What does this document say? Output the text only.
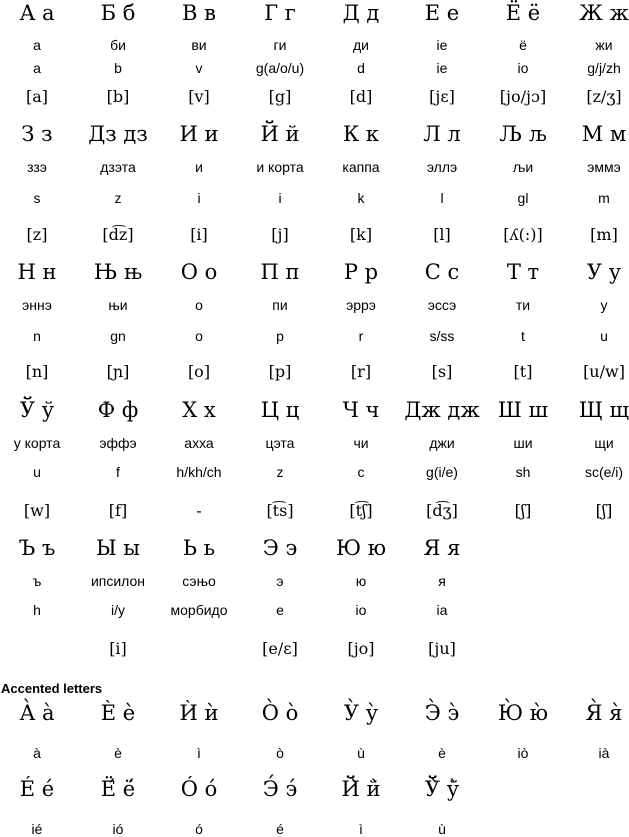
А а
а
a
[a]
Б б
би
b
[b]
В в
ви
v
[v]
Г г
ги
g(a/o/u)
[g]
Д д
ди
d
[d]
Е е
ie
ie
[jɛ]
Ё ё
ё
io
[jo/jɔ]
Ж ж
жи
g/j/zh
[z/ʒ]
З з
ззэ
s
[z]
Дз дз
дзэта
z
[d͡z]
И и
и
i
[i]
Й й
и корта
i
[j]
К к
каппа
k
[k]
Л л
эллэ
l
[l]
Љ љ
љи
gl
[ʎ(:)]
М м
эммэ
m
[m]
Н н
эннэ
n
[n]
Њ њ
њи
gn
[ɲ]
О о
о
o
[o]
П п
пи
p
[p]
Р р
эррэ
r
[r]
С с
эссэ
s/ss
[s]
Т т
ти
t
[t]
У у
у
u
[u/w]
Ў ў
у корта
u
[w]
Ф ф
эффэ
f
[f]
Х х
ахха
h/kh/ch
-
Ц ц
цэта
z
[t͡s]
Ч ч
чи
c
[t͡ʃ]
Дж дж
джи
g(i/e)
[d͡ʒ]
Ш ш
ши
sh
[ʃ]
Щ щ
щи
sc(e/i)
[ʃ]
Ъ ъ
ъ
h
Ы ы
ипсилон
i/y
[i]
Ь ь
сэњо
морбидо
Э э
э
e
[e/ɛ]
Ю ю
ю
io
[jo]
Я я
я
ia
[ju]
Accented letters
А̀ а̀
à
Ѐ ѐ
è
Ѝ ѝ
ì
О̀ о̀
ò
У̀ у̀
ù
Э̀ э̀
è
Ю̀ ю̀
iò
Я̀ я̀
ià
É é
ié
Ё́ ё́
ió
Ó ó
ó
Э́ э́
é
Й̀ й̀
ì
Ў̀ ў̀
ù
